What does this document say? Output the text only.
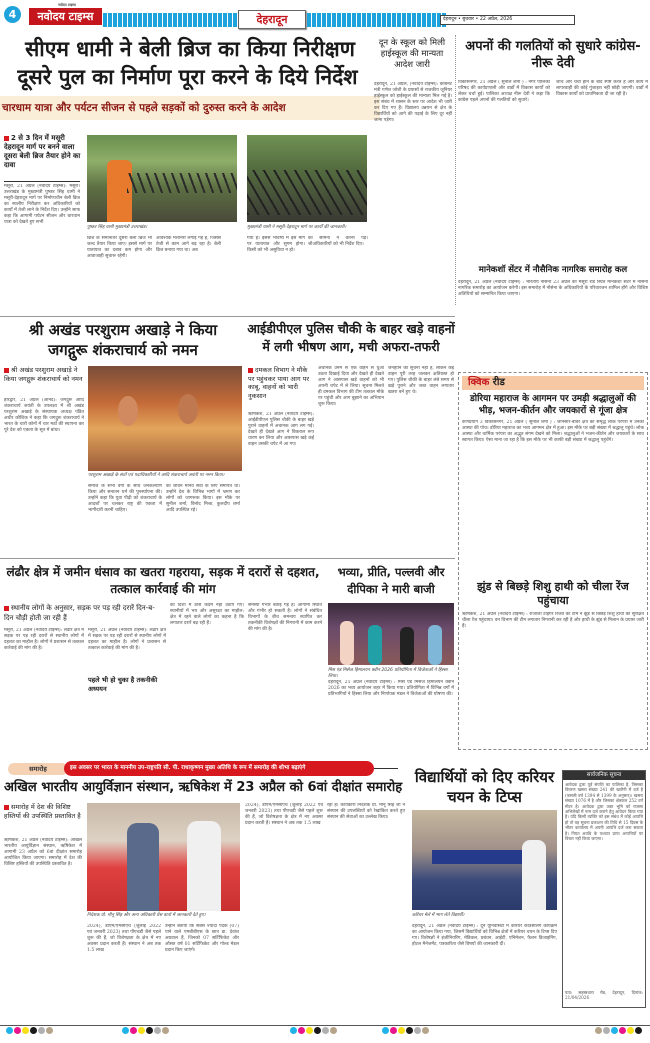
4
नवोदय टाइम्स
नवोदय टाइम्स	देहरादून	देहरादून • बुधवार • 22 अप्रैल, 2026
सीएम धामी ने बेली ब्रिज का किया निरीक्षण
दूसरे पुल का निर्माण पूरा करने के दिये निर्देश
चारधाम यात्रा और पर्यटन सीजन से पहले सड़कों को दुरुस्त करने के आदेश
2 से 3 दिन में मसूरी देहरादून मार्ग पर बनने वाला दूसरा बेली ब्रिज तैयार होने का दावा
मसूरी, 21 अप्रैल (नवोदय टाइम्स): मसूरी। उत्तराखंड के मुख्यमंत्री पुष्कर सिंह धामी ने मसूरी-देहरादून मार्ग पर निर्माणाधीन बेली ब्रिज का स्थलीय निरीक्षण कर अधिकारियों को कार्यों में तेजी लाने के निर्देश दिए। उन्होंने साफ कहा कि आगामी पर्यटन सीजन और चारधाम यात्रा को देखते हुए सभी
पुष्कर सिंह धामी मुख्यमंत्री उत्तराखंड।	मुख्यमंत्री धामी ने मसूरी-देहरादून मार्ग पर कार्यों की जानकारी।
ब्रिज के समानांतर दूसरा बेली ब्रिज भी जल्द तैयार किया जाए। इससे मार्ग पर यातायात का दबाव कम होगा और आवाजाही सुचारू रहेगी।
आवश्यक मशीनरी लगाई गई है, जिससे तेजी से काम आगे बढ़ रहा है। बेली ब्रिज बनाया गया था। अब
गया है। इससे भविष्य में इस मार्ग पर यातायात और सुगम होगा। किसी को भी असुविधा न हो।
का सामना न करना पड़े। श्रीअधिकारियों को भी निर्देश दिए।
दून के स्कूल को मिली हाईस्कूल की मान्यता आदेश जारी
देहरादून, 21 अप्रैल, (नवोदय टाइम्स): कैबिनेट मंत्री गणेश जोशी के प्रयासों से राजकीय जूनियर हाईस्कूल को हाईस्कूल की मान्यता मिल गई है। इस संबंध में शासन के स्तर पर आदेश भी जारी कर दिए गए हैं। विद्यालय उन्नयन से क्षेत्र के विद्यार्थियों को आगे की पढ़ाई के लिए दूर नहीं जाना पड़ेगा।
अपनों की गलतियों को सुधारे कांग्रेस-नीरू देवी
विकासनगर, 21 अप्रैल ( सुनील शर्मा ) : नगर पालिका परिषद की कार्यप्रणाली और वार्डों में विकास कार्यों को लेकर चर्चा हुई। पालिका अध्यक्ष नीरू देवी ने कहा कि कांग्रेस पहले अपनों की गलतियों को सुधारे।
जांच और चर्चा होने के बाद स्पष्ट करते हैं और कार्य में लापरवाही की कोई गुंजाइश नहीं छोड़ी जाएगी। वार्डों में विकास कार्यों को प्राथमिकता दी जा रही है।
मानेकशॉ सेंटर में नौसैनिक नागरिक समारोह कल
देहरादून, 21 अप्रैल (नवोदय टाइम्स) : भारतीय नौसेना 23 अप्रैल को मसूरी रोड स्थित मानेकशॉ सेंटर में नौसेना नागरिक समारोह का आयोजन करेगी। इस समारोह में नौसेना के अधिकारियों के परिवारजन शामिल होंगे और विशिष्ट अतिथियों को सम्मानित किया जाएगा।
श्री अखंड परशुराम अखाड़े ने किया जगद्गुरू शंकराचार्य को नमन
श्री अखंड परशुराम अखाड़े ने किया जगद्गुरू शंकराचार्य को नमन
हरिद्वार, 21 अप्रैल (आनंद): जगद्गुरू आदि शंकराचार्य जयंती के उपलक्ष्य में श्री अखंड परशुराम अखाड़े के संस्थापक अध्यक्ष पंडित अधीर कौशिक ने कहा कि जगद्गुरू शंकराचार्य ने भारत के चारों कोनों में चार मठों की स्थापना कर पूरे देश को एकता के सूत्र में बांधा।
परशुराम अखाड़े के संतों एवं पदाधिकारियों ने आदि शंकराचार्य जयंती पर नमन किया।
समाज के सभी वर्गों के साथ जनकल्याण किया और सनातन धर्म की पुनर्स्थापना की। उन्होंने कहा कि युवा पीढ़ी को शंकराचार्य के आदर्शों पर चलकर राष्ट्र की एकता में भागीदारी करनी चाहिए।
का जीवन मानव सेवा के लिए समर्पित था। उन्होंने देश के विभिन्न भागों में भ्रमण कर लोगों को जागरूक किया। इस मौके पर सुनील शर्मा, विनोद मिश्रा, कुलदीप शर्मा आदि उपस्थित रहे।
आईडीपीएल पुलिस चौकी के बाहर खड़े वाहनों में लगी भीषण आग, मची अफरा-तफरी
दमकल विभाग ने मौके पर पहुंचकर पाया आग पर काबू, वाहनों को भारी नुकसान
ऋषिकेश, 21 अप्रैल (नवोदय टाइम्स): आईडीपीएल पुलिस चौकी के बाहर खड़े पुराने वाहनों में अचानक आग लग गई। देखते ही देखते आग ने विकराल रूप धारण कर लिया और आसपास खड़े कई वाहन उसकी चपेट में आ गए।
अचानक उनमें से एक वाहन से धुआं उठता दिखाई दिया और देखते ही देखते आग ने आसपास खड़े वाहनों को भी अपनी चपेट में ले लिया। सूचना मिलते ही दमकल विभाग की टीम तत्काल मौके पर पहुंची और आग बुझाने का अभियान शुरू किया।
जनहानि की सूचना नहीं है, लेकिन कई वाहन पूरी तरह जलकर क्षतिग्रस्त हो गए। पुलिस चौकी के बाहर लंबे समय से खड़े पुराने और जब्त वाहन लगातार खतरा बने हुए थे।
क्विक रीड
डोरिया महाराज के आगमन पर उमड़ी श्रद्धालुओं की भीड़, भजन-कीर्तन और जयकारों से गूंजा क्षेत्र
कर्णप्रयाग 3 विकासनगर, 21 अप्रैल ( सुनील शर्मा ) : जौनसार-बावर क्षेत्र की समृद्ध लोक परंपरा में उनकी आस्था की पोथ। डोरिया महाराज का भव्य आगमन क्षेत्र में हुआ। इस मौके पर बड़ी संख्या में श्रद्धालु पहुंचे। लोक आस्था और धार्मिक परंपरा का अद्भुत संगम देखने को मिला। श्रद्धालुओं ने भजन-कीर्तन और जयकारों के साथ स्वागत किया। ऐसा माना जा रहा है कि इस मौके पर भी काफी बड़ी संख्या में श्रद्धालु पहुंचेंगे।
झुंड से बिछड़े शिशु हाथी को चीला रेंज पहुंचाया
ऋषिकेश, 21 अप्रैल (नवोदय टाइम्स) : राजाजी टाइगर रिजर्व की टीम ने झुंड से बिछड़े शिशु हाथी को सुरक्षित चीला रेंज पहुंचाया। वन विभाग की टीम लगातार निगरानी कर रही है और हाथी के झुंड से मिलान के प्रयास जारी हैं।
लंढौर क्षेत्र में जमीन धंसाव का खतरा गहराया, सड़क में दरारों से दहशत, तत्काल कार्रवाई की मांग
स्थानीय लोगों के अनुसार, सड़क पर पड़ रही दरारें दिन-ब-दिन चौड़ी होती जा रही हैं
मसूरी, 21 अप्रैल (नवोदय टाइम्स): लंढौर क्षेत्र में सड़क पर पड़ रही दरारों से स्थानीय लोगों में दहशत का माहौल है। लोगों ने प्रशासन से तत्काल कार्रवाई की मांग की है।
पहले भी हो चुका है तकनीकी अध्ययन
मसूरी, 21 अप्रैल (नवोदय टाइम्स): लंढौर क्षेत्र में सड़क पर पड़ रही दरारों से स्थानीय लोगों में दहशत का माहौल है। लोगों ने प्रशासन से तत्काल कार्रवाई की मांग की है।
को दिशा में ठोस कदम नहीं उठाए गए। स्थानीयों में भय और असुरक्षा का माहौल: क्षेत्र में रहने वाले लोगों का कहना है कि लगातार दरारें बढ़ रही हैं।
समस्या गंभीर बताई गई है। आगामी स्थिति और गंभीर हो सकती है। लोगों ने संबंधित विभागों के बीच समन्वय स्थापित कर तकनीकी विशेषज्ञों की निगरानी में काम करने की मांग की है।
भव्या, प्रीति, पल्लवी और दीपिका ने मारी बाजी
मिस एंड मिसेज हिमालयन क्वीन 2026 प्रतियोगिता में विजेताओं ने हिस्सा लिया।
देहरादून, 21 अप्रैल (नवोदय टाइम्स) : मिस एंड मिसेज हिमालयन क्वीन 2026 का भव्य आयोजन शहर में किया गया। प्रतियोगिता में विभिन्न वर्गों में प्रतिभागियों ने हिस्सा लिया और निर्णायक मंडल ने विजेताओं की घोषणा की।
समारोह	इस अवसर पर भारत के माननीय उप-राष्ट्रपति सी. पी. राधाकृष्णन मुख्य अतिथि के रूप में समारोह की शोभा बढ़ाएंगे
अखिल भारतीय आयुर्विज्ञान संस्थान, ऋषिकेश में 23 अप्रैल को 6वां दीक्षांत समारोह
समारोह में देश की विशिष्ट हस्तियों की उपस्थिति प्रस्तावित है
ऋषिकेश, 21 अप्रैल (नवोदय टाइम्स): अखिल भारतीय आयुर्विज्ञान संस्थान, ऋषिकेश में आगामी 23 अप्रैल को 6वां दीक्षांत समारोह आयोजित किया जाएगा। समारोह में देश की विशिष्ट हस्तियों की उपस्थिति प्रस्तावित है।
निदेशक प्रो. मीनू सिंह और अन्य अधिकारी प्रेस वार्ता में जानकारी देते हुए।
2024), डीएम/एमसीएच (जुलाई 2022 एवं जनवरी 2023) तथा पीएचडी जैसे पहले शुरू की हैं, जो विशेषज्ञता के क्षेत्र में नए अवसर प्रदान करती हैं। संस्थान ने अब तक 1.5 लाख
उन्होंने बताया कि सबसे ज्यादा पदक (07) पाने वाले एमबीबीएस के छात्र डा. देवांश अग्रवाल हैं, जिनको 07 सर्टिफिकेट और औसत वर्ष 01 सर्टिफिकेट और गोल्ड मेडल प्रदान किए जाएंगे।
2024), डीएम/एमसीएच (जुलाई 2022 एवं जनवरी 2023) तथा पीएचडी जैसे पहले शुरू की हैं, जो विशेषज्ञता के क्षेत्र में नए अवसर प्रदान करती हैं। संस्थान ने अब तक 1.5 लाख
रही हैं। कार्यकारी निदेशक प्रो. मीनू सिंह जी ने संस्थान की उपलब्धियों को रेखांकित करते हुए संस्थान की सेवाओं का उल्लेख किया।
विद्यार्थियों को दिए करियर चयन के टिप्स
करियर मेले में भाग लेते विद्यार्थी।
देहरादून, 21 अप्रैल (नवोदय टाइम्स) : दून यूनिवर्सिटी में करियर काउंसलिंग कार्यक्रम का आयोजन किया गया, जिसमें विद्यार्थियों को विभिन्न क्षेत्रों में करियर चयन के टिप्स दिए गए। विशेषज्ञों ने इंजीनियरिंग, मेडिकल, प्रबंधन, आईटी, एनिमेशन, फैशन डिजाइनिंग, होटल मैनेजमेंट, पत्रकारिता जैसे विषयों की जानकारी दी।
सार्वजनिक सूचना
आवेदक द्वारा पूर्व संपत्ति का पालिका है, जिसका विवरण खसरा संख्या 241 की खतौनी में दर्ज है (फसली वर्ष 1394 से 1399 के अनुसार)। खसरा संख्या 1076 में है और जिसका क्षेत्रफल 252 वर्ग मीटर है। आवेदक द्वारा उक्त भूमि को राजस्व अभिलेखों में नाम दर्ज कराने हेतु आवेदन किया गया है। यदि किसी व्यक्ति को इस संबंध में कोई आपत्ति हो तो वह सूचना प्रकाशन की तिथि से 15 दिवस के भीतर कार्यालय में अपनी आपत्ति दर्ज करा सकता है। नियत अवधि के पश्चात प्राप्त आपत्तियों पर विचार नहीं किया जाएगा।
पता: सहस्त्रधारा रोड, देहरादून, दिनांक: 21/04/2026
